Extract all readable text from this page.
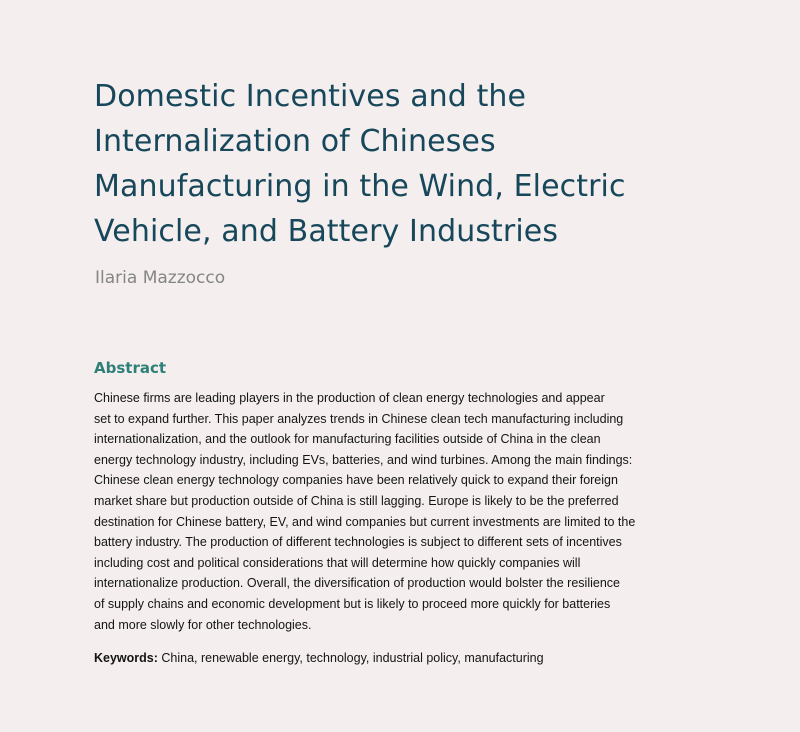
Domestic Incentives and the
Internalization of Chineses
Manufacturing in the Wind, Electric
Vehicle, and Battery Industries

Ilaria Mazzocco

Abstract
Chinese firms are leading players in the production of clean energy technologies and appear
set to expand further. This paper analyzes trends in Chinese clean tech manufacturing including
internationalization, and the outlook for manufacturing facilities outside of China in the clean
energy technology industry, including EVs, batteries, and wind turbines. Among the main findings:
Chinese clean energy technology companies have been relatively quick to expand their foreign
market share but production outside of China is still lagging. Europe is likely to be the preferred
destination for Chinese battery, EV, and wind companies but current investments are limited to the
battery industry. The production of different technologies is subject to different sets of incentives
including cost and political considerations that will determine how quickly companies will
internationalize production. Overall, the diversification of production would bolster the resilience
of supply chains and economic development but is likely to proceed more quickly for batteries
and more slowly for other technologies.

Keywords: China, renewable energy, technology, industrial policy, manufacturing
